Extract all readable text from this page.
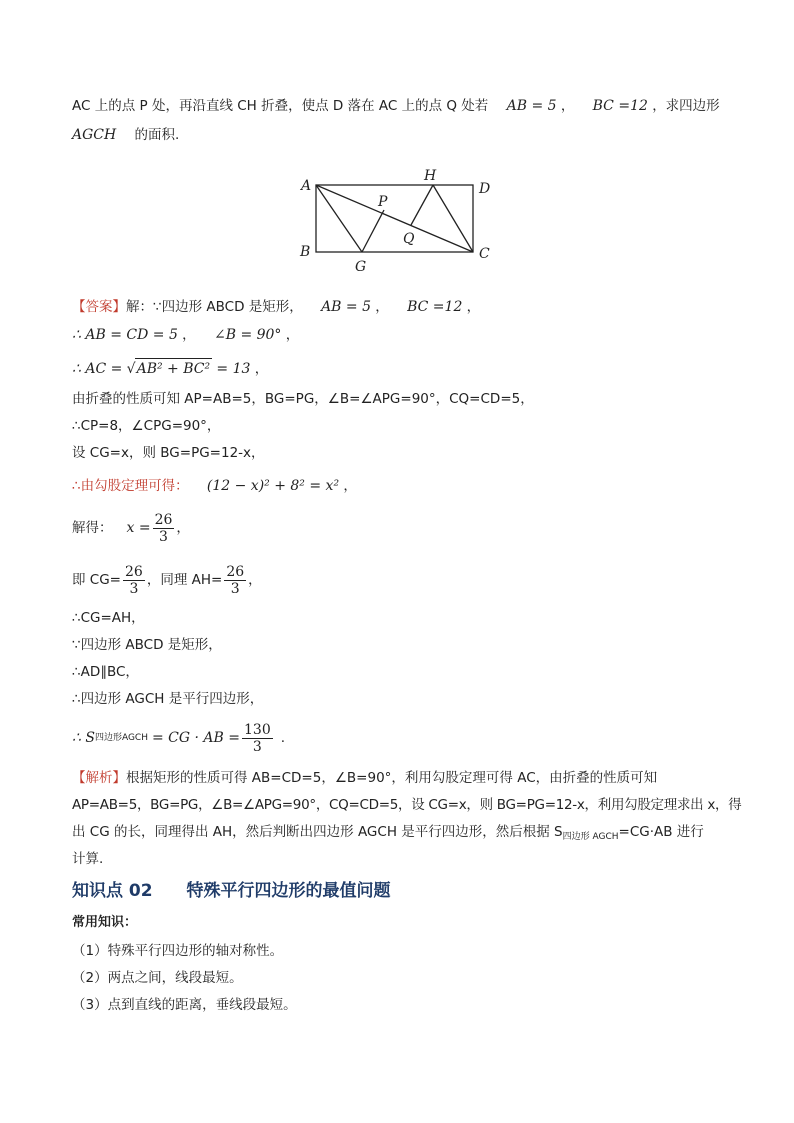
AC 上的点 P 处，再沿直线 CH 折叠，使点 D 落在 AC 上的点 Q 处若 AB = 5 ， BC =12 ，求四边形
AGCH 的面积.
A
B	C
D
G
H
P
Q
【答案】解：∵四边形 ABCD 是矩形， AB = 5 ， BC =12 ，
∴ AB = CD = 5 ， ∠B = 90° ，
∴ AC = √AB² + BC² = 13 ，
由折叠的性质可知 AP=AB=5，BG=PG，∠B=∠APG=90°，CQ=CD=5，
∴CP=8，∠CPG=90°，
设 CG=x，则 BG=PG=12-x，
∴由勾股定理可得： (12 − x)² + 8² = x² ，
解得： $x = \frac{26}{3}$ ，
即 $CG= \frac{26}{3}$ ，同理 $AH= \frac{26}{3}$ ，
∴CG=AH，
∵四边形 ABCD 是矩形，
∴AD∥BC，
∴四边形 AGCH 是平行四边形，
∴ S 四边形AGCH = CG · AB = $\frac{130}{3}$ .
【解析】根据矩形的性质可得 AB=CD=5，∠B=90°，利用勾股定理可得 AC，由折叠的性质可知
AP=AB=5，BG=PG，∠B=∠APG=90°，CQ=CD=5，设 CG=x，则 BG=PG=12-x，利用勾股定理求出 x，得
出 CG 的长，同理得出 AH，然后判断出四边形 AGCH 是平行四边形，然后根据 $S_{四边形 AGCH}=CG\cdot AB$ 进行
计算.
知识点 02 特殊平行四边形的最值问题
常用知识：
（1）特殊平行四边形的轴对称性。
（2）两点之间，线段最短。
（3）点到直线的距离，垂线段最短。
